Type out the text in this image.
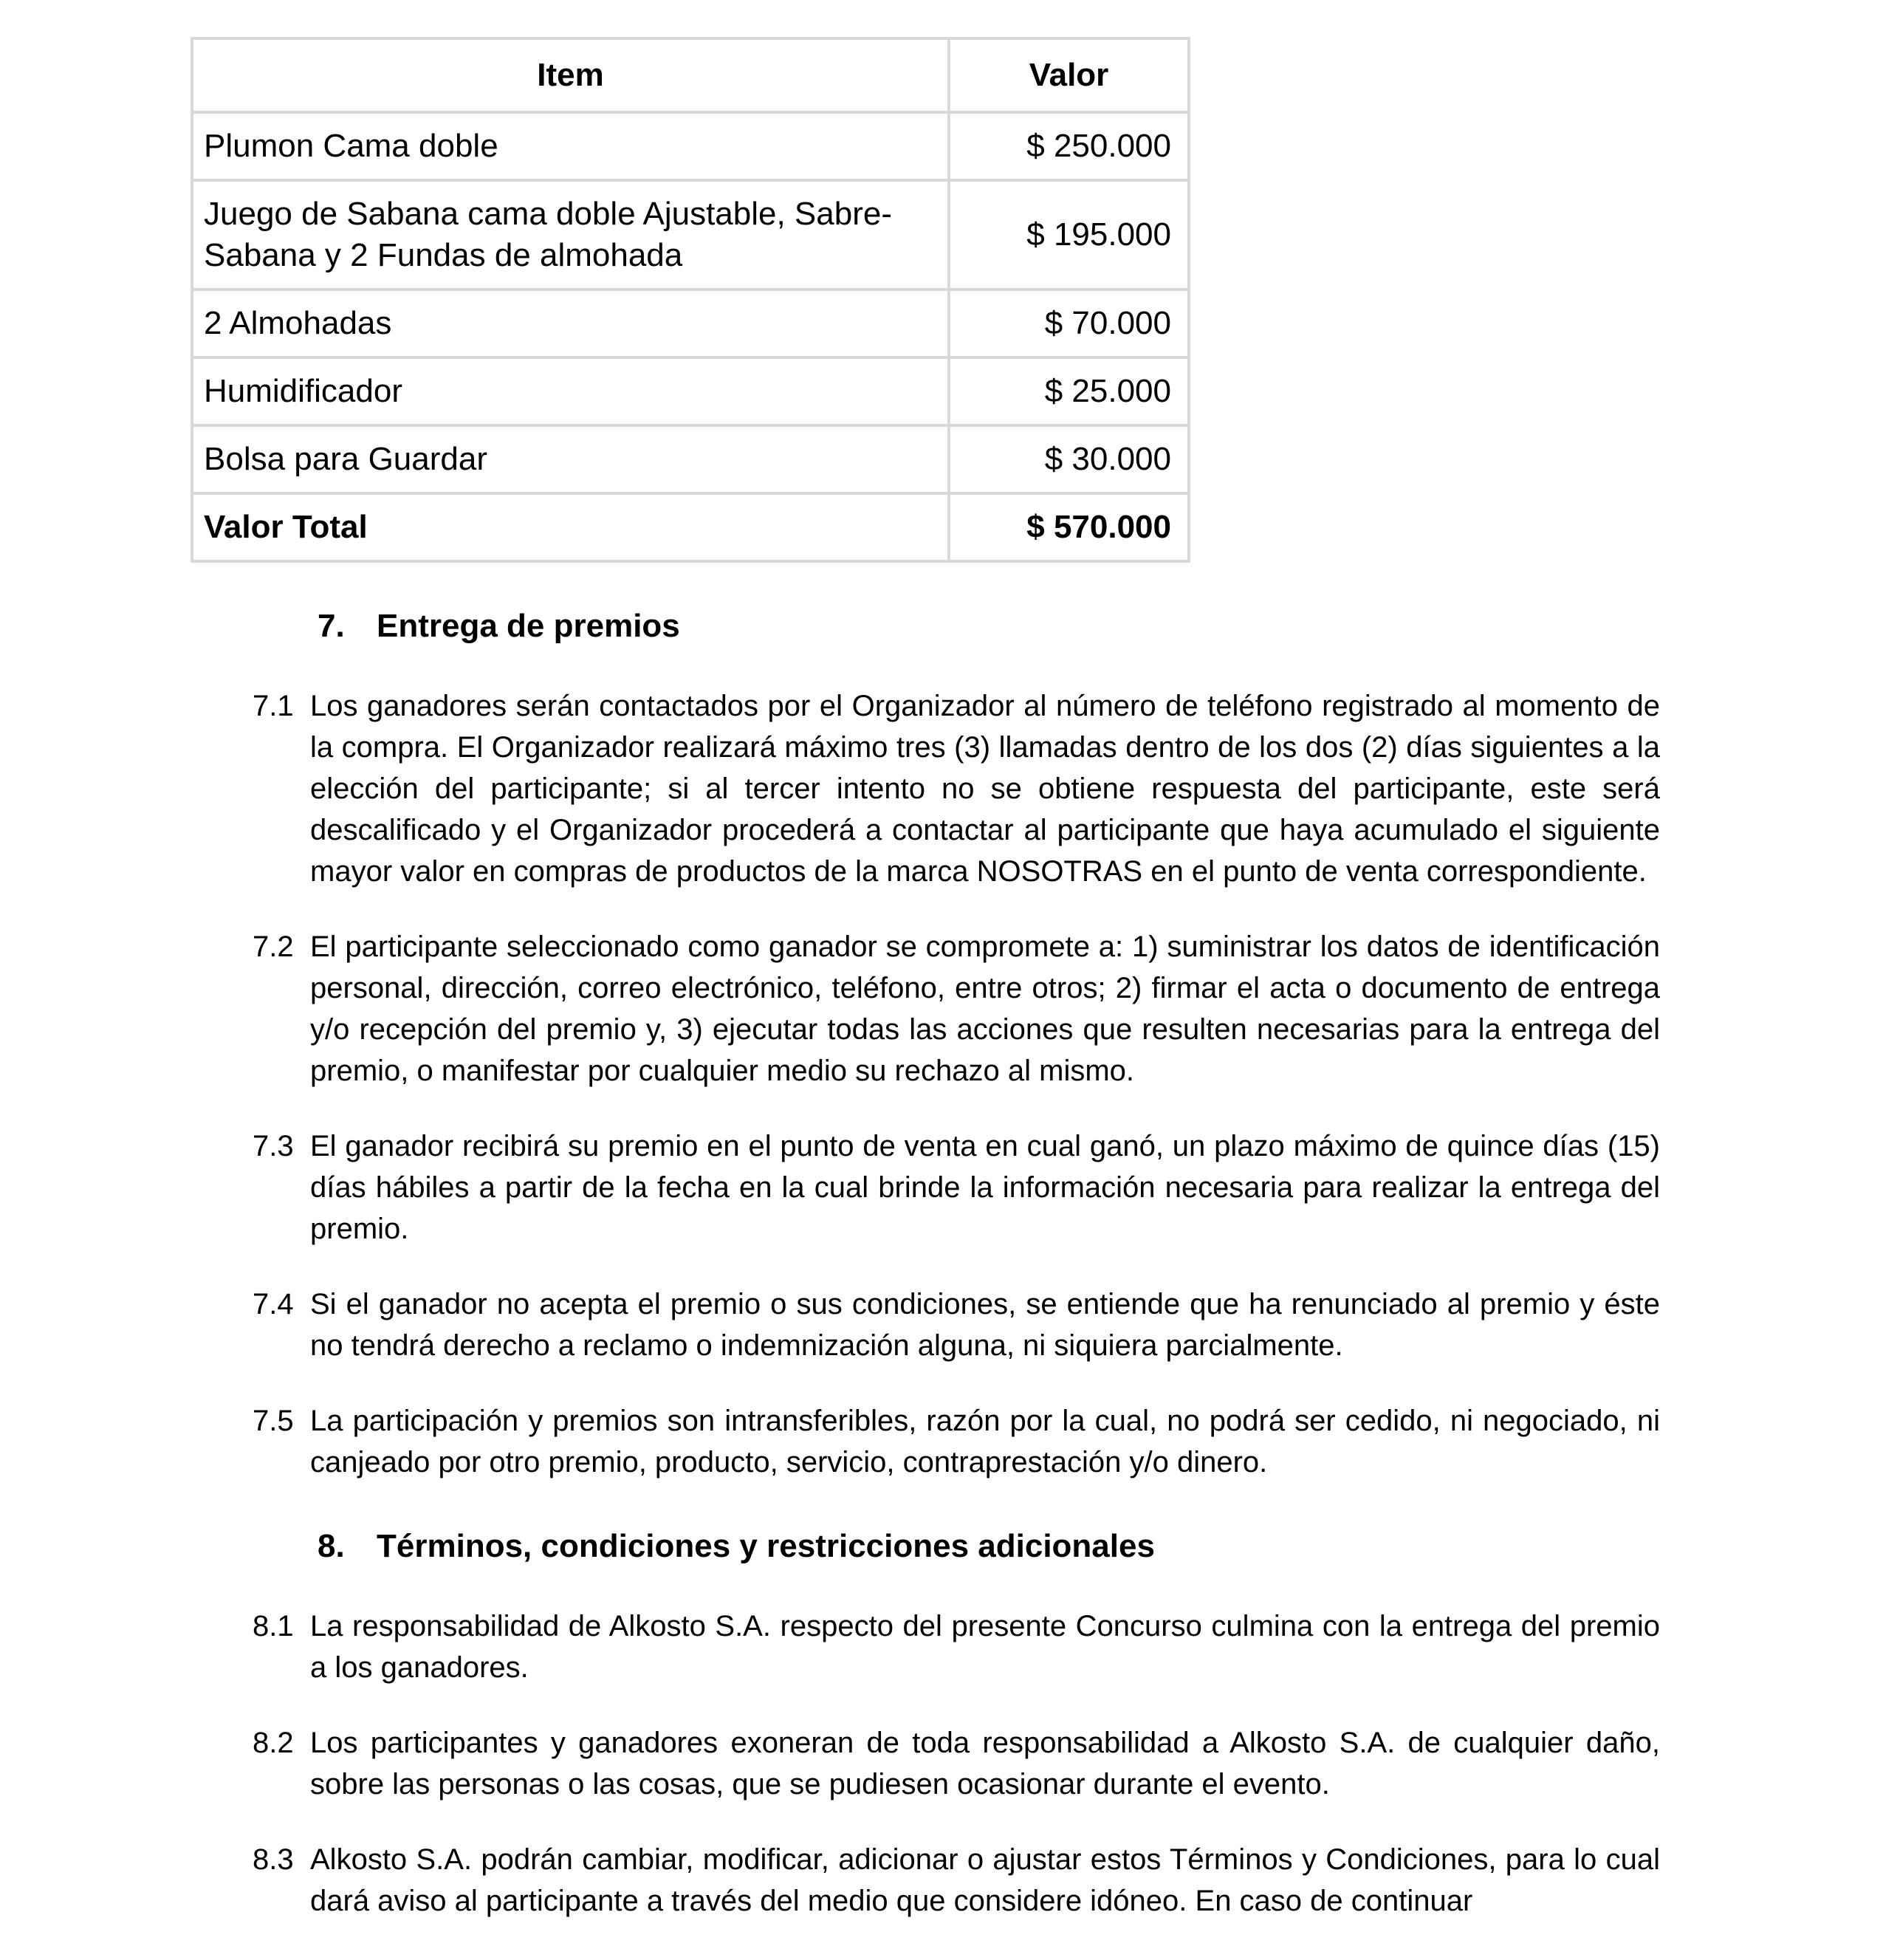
Item	Valor
Plumon Cama doble	$ 250.000
Juego de Sabana cama doble Ajustable, Sabre-Sabana y 2 Fundas de almohada	$ 195.000
2 Almohadas	$ 70.000
Humidificador	$ 25.000
Bolsa para Guardar	$ 30.000
Valor Total	$ 570.000
7. Entrega de premios
7.1 Los ganadores serán contactados por el Organizador al número de teléfono registrado al momento de la compra. El Organizador realizará máximo tres (3) llamadas dentro de los dos (2) días siguientes a la elección del participante; si al tercer intento no se obtiene respuesta del participante, este será descalificado y el Organizador procederá a contactar al participante que haya acumulado el siguiente mayor valor en compras de productos de la marca NOSOTRAS en el punto de venta correspondiente.
7.2 El participante seleccionado como ganador se compromete a: 1) suministrar los datos de identificación personal, dirección, correo electrónico, teléfono, entre otros; 2) firmar el acta o documento de entrega y/o recepción del premio y, 3) ejecutar todas las acciones que resulten necesarias para la entrega del premio, o manifestar por cualquier medio su rechazo al mismo.
7.3 El ganador recibirá su premio en el punto de venta en cual ganó, un plazo máximo de quince días (15) días hábiles a partir de la fecha en la cual brinde la información necesaria para realizar la entrega del premio.
7.4 Si el ganador no acepta el premio o sus condiciones, se entiende que ha renunciado al premio y éste no tendrá derecho a reclamo o indemnización alguna, ni siquiera parcialmente.
7.5 La participación y premios son intransferibles, razón por la cual, no podrá ser cedido, ni negociado, ni canjeado por otro premio, producto, servicio, contraprestación y/o dinero.
8. Términos, condiciones y restricciones adicionales
8.1 La responsabilidad de Alkosto S.A. respecto del presente Concurso culmina con la entrega del premio a los ganadores.
8.2 Los participantes y ganadores exoneran de toda responsabilidad a Alkosto S.A. de cualquier daño, sobre las personas o las cosas, que se pudiesen ocasionar durante el evento.
8.3 Alkosto S.A. podrán cambiar, modificar, adicionar o ajustar estos Términos y Condiciones, para lo cual dará aviso al participante a través del medio que considere idóneo. En caso de continuar
